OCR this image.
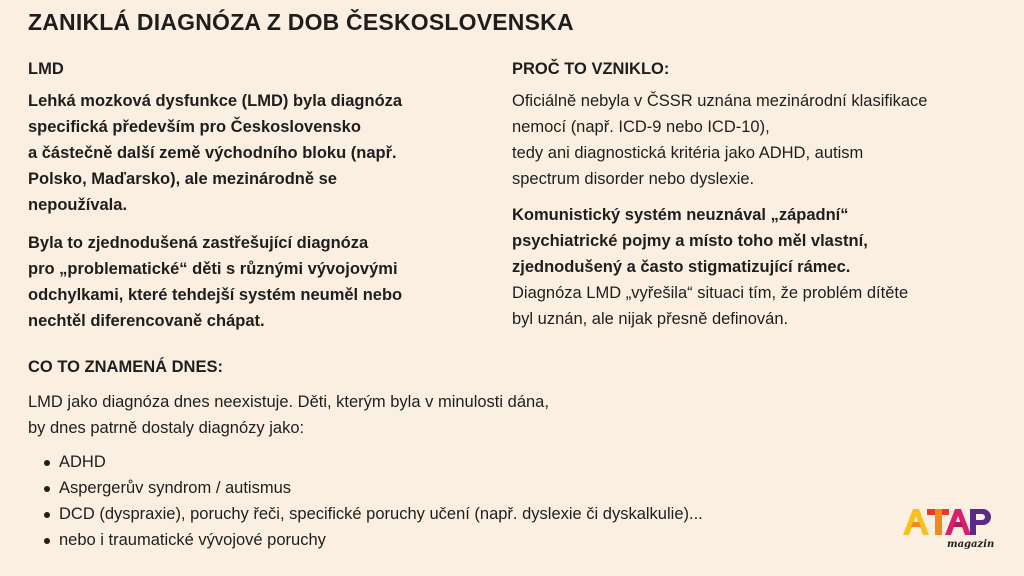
ZANIKLÁ DIAGNÓZA Z DOB ČESKOSLOVENSKA

LMD

Lehká mozková dysfunkce (LMD) byla diagnóza
specifická především pro Československo
a částečně další země východního bloku (např.
Polsko, Maďarsko), ale mezinárodně se
nepoužívala.

Byla to zjednodušená zastřešující diagnóza
pro „problematické“ děti s různými vývojovými
odchylkami, které tehdejší systém neuměl nebo
nechtěl diferencovaně chápat.

PROČ TO VZNIKLO:

Oficiálně nebyla v ČSSR uznána mezinárodní klasifikace
nemocí (např. ICD-9 nebo ICD-10),
tedy ani diagnostická kritéria jako ADHD, autism
spectrum disorder nebo dyslexie.

Komunistický systém neuznával „západní“
psychiatrické pojmy a místo toho měl vlastní,
zjednodušený a často stigmatizující rámec.
Diagnóza LMD „vyřešila“ situaci tím, že problém dítěte
byl uznán, ale nijak přesně definován.

CO TO ZNAMENÁ DNES:

LMD jako diagnóza dnes neexistuje. Děti, kterým byla v minulosti dána,
by dnes patrně dostaly diagnózy jako:

ADHD
Aspergerův syndrom / autismus
DCD (dyspraxie), poruchy řeči, specifické poruchy učení (např. dyslexie či dyskalkulie)...
nebo i traumatické vývojové poruchy	magazin
